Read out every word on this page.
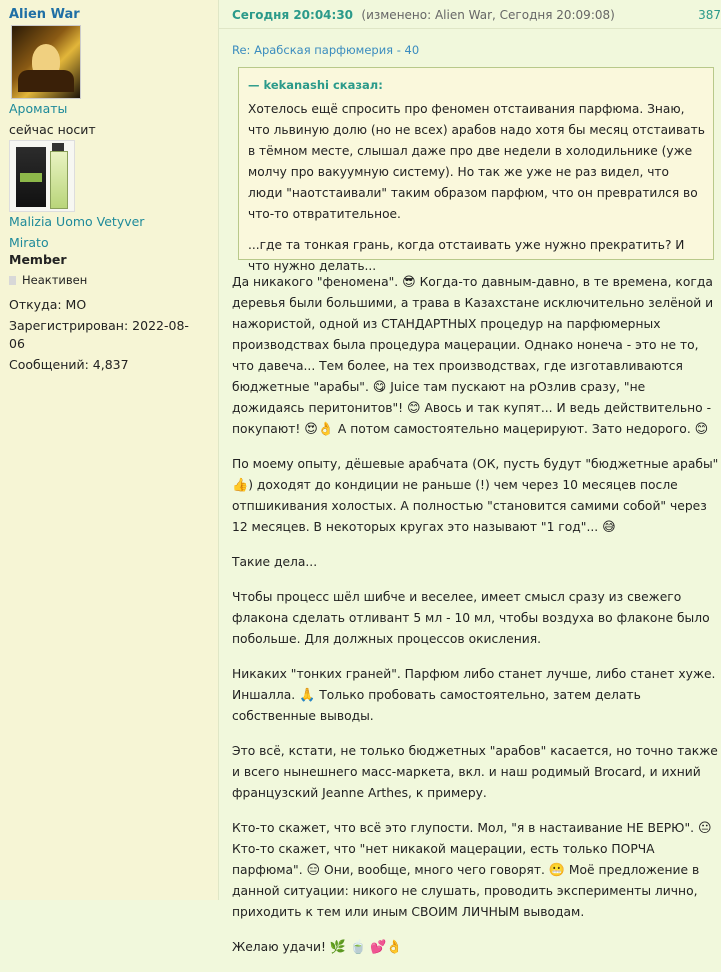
Alien War
Ароматы
сейчас носит
Malizia Uomo Vetyver
Mirato
Member
Неактивен
Откуда: МО
Зарегистрирован: 2022-08-06
Сообщений: 4,837
Сегодня 20:04:30 (изменено: Alien War, Сегодня 20:09:08)	387
Re: Арабская парфюмерия - 40
— kekanashi сказал:

Хотелось ещё спросить про феномен отстаивания парфюма. Знаю, что львиную долю (но не всех) арабов надо хотя бы месяц отстаивать в тёмном месте, слышал даже про две недели в холодильнике (уже молчу про вакуумную систему). Но так же уже не раз видел, что люди "наотстаивали" таким образом парфюм, что он превратился во что-то отвратительное.

...где та тонкая грань, когда отстаивать уже нужно прекратить? И что нужно делать...

Да никакого "феномена". 😎 Когда-то давным-давно, в те времена, когда деревья были большими, а трава в Казахстане исключительно зелёной и нажористой, одной из СТАНДАРТНЫХ процедур на парфюмерных производствах была процедура мацерации. Однако нонеча - это не то, что давеча... Тем более, на тех производствах, где изготавливаются бюджетные "арабы". 😋 Juice там пускают на рОзлив сразу, "не дожидаясь перитонитов"! 😊 Авось и так купят... И ведь действительно - покупают! 😍👌 А потом самостоятельно мацерируют. Зато недорого. 😊

По моему опыту, дёшевые арабчата (ОК, пусть будут "бюджетные арабы" 👍) доходят до кондиции не раньше (!) чем через 10 месяцев после отпшикивания холостых. А полностью "становится самими собой" через 12 месяцев. В некоторых кругах это называют "1 год"... 😅

Такие дела...

Чтобы процесс шёл шибче и веселее, имеет смысл сразу из свежего флакона сделать отливант 5 мл - 10 мл, чтобы воздуха во флаконе было побольше. Для должных процессов окисления.

Никаких "тонких граней". Парфюм либо станет лучше, либо станет хуже. Иншалла. 🙏 Только пробовать самостоятельно, затем делать собственные выводы.

Это всё, кстати, не только бюджетных "арабов" касается, но точно также и всего нынешнего масс-маркета, вкл. и наш родимый Brocard, и ихний французский Jeanne Arthes, к примеру.

Кто-то скажет, что всё это глупости. Мол, "я в настаивание НЕ ВЕРЮ". 😐 Кто-то скажет, что "нет никакой мацерации, есть только ПОРЧА парфюма". 😑 Они, вообще, много чего говорят. 😬 Моё предложение в данной ситуации: никого не слушать, проводить эксперименты лично, приходить к тем или иным СВОИМ ЛИЧНЫМ выводам.

Желаю удачи! 🌿 🍵 💕👌
